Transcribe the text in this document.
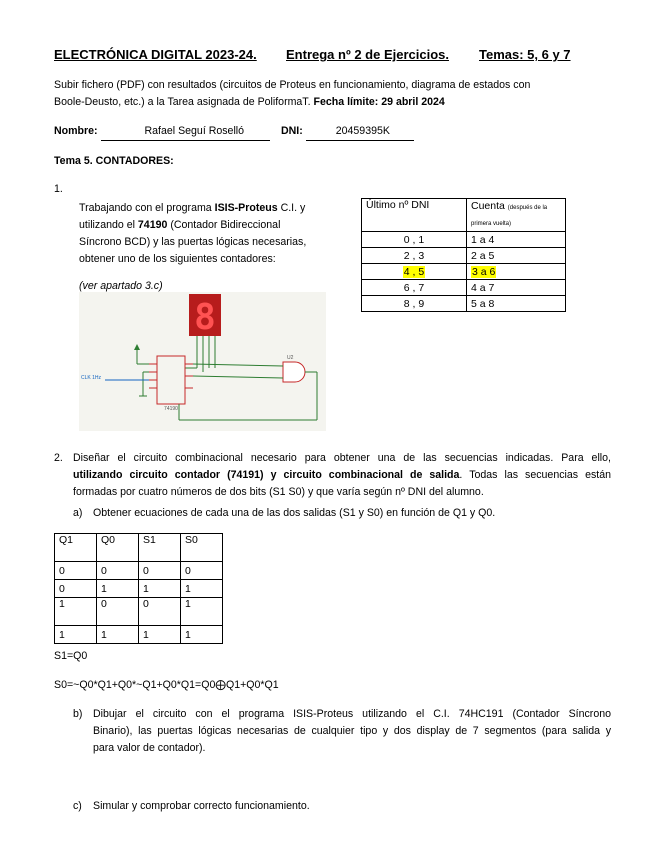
ELECTRÓNICA DIGITAL 2023-24. Entrega nº 2 de Ejercicios. Temas: 5, 6 y 7
Subir fichero (PDF) con resultados (circuitos de Proteus en funcionamiento, diagrama de estados con
Boole-Deusto, etc.) a la Tarea asignada de PoliformaT. Fecha límite: 29 abril 2024
Nombre:	Rafael Seguí Roselló	DNI:	20459395K
Tema 5. CONTADORES:
1.
Trabajando con el programa ISIS-Proteus C.I. y
utilizando el 74190 (Contador Bidireccional
Síncrono BCD) y las puertas lógicas necesarias,
obtener uno de los siguientes contadores:
(ver apartado 3.c)
8
74190
CLK 1Hz
U2
Último nº DNI	Cuenta (después de la primera vuelta)
0 , 1	1 a 4
2 , 3	2 a 5
4 , 5	3 a 6
6 , 7	4 a 7
8 , 9	5 a 8
2. Diseñar el circuito combinacional necesario para obtener una de las secuencias indicadas. Para ello,
utilizando circuito contador (74191) y circuito combinacional de salida. Todas las secuencias están
formadas por cuatro números de dos bits (S1 S0) y que varía según nº DNI del alumno.
a) Obtener ecuaciones de cada una de las dos salidas (S1 y S0) en función de Q1 y Q0.
Q1	Q0	S1	S0
0	0	0	0
0	1	1	1
1	0	0	1
1	1	1	1
S1=Q0
S0=~Q0*Q1+Q0*~Q1+Q0*Q1=Q0⨁Q1+Q0*Q1
b) Dibujar el circuito con el programa ISIS-Proteus utilizando el C.I. 74HC191 (Contador Síncrono
Binario), las puertas lógicas necesarias de cualquier tipo y dos display de 7 segmentos (para salida y
para valor de contador).
c) Simular y comprobar correcto funcionamiento.
